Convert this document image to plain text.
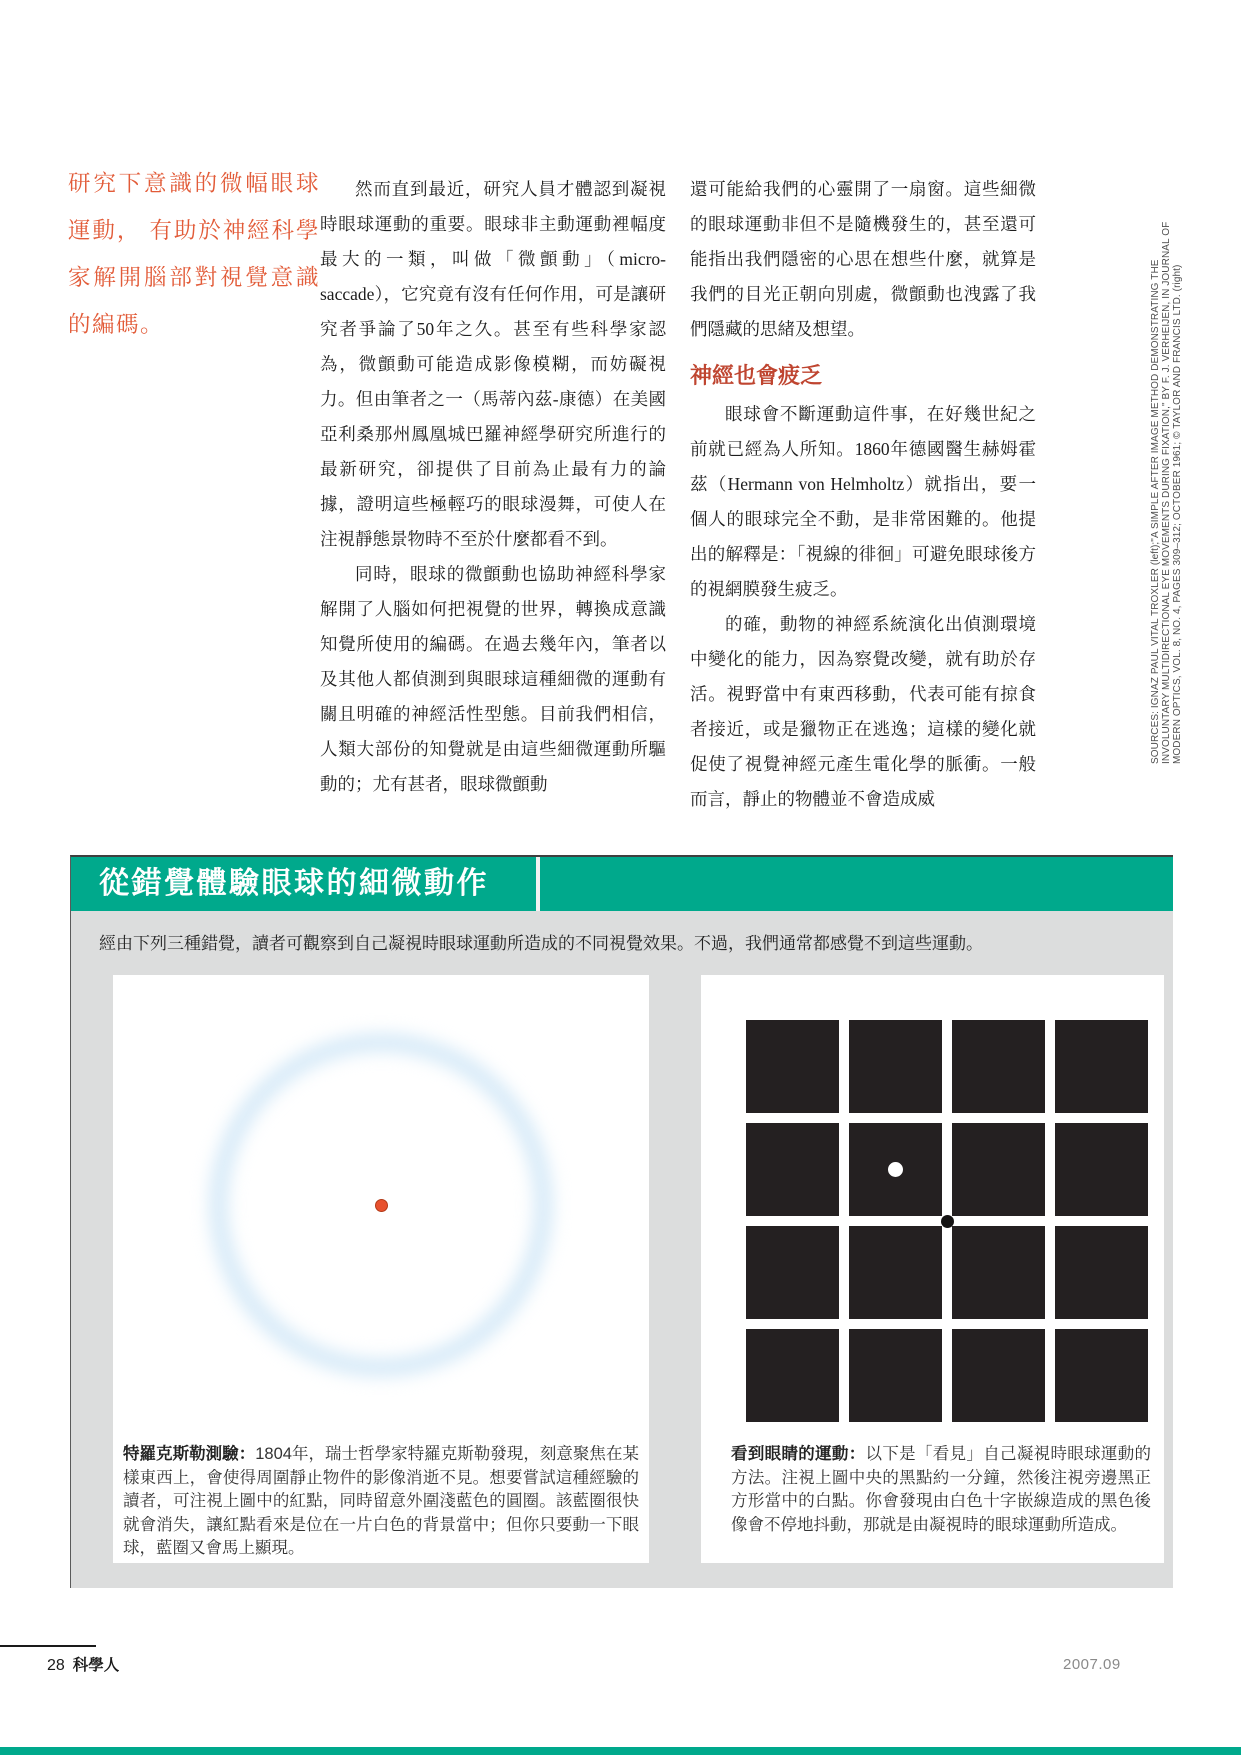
研究下意識的微幅眼球運動， 有助於神經科學家解開腦部對視覺意識的編碼。

然而直到最近，研究人員才體認到凝視時眼球運動的重要。眼球非主動運動裡幅度最大的一類，叫做「微顫動」（micro-saccade），它究竟有沒有任何作用，可是讓研究者爭論了50年之久。甚至有些科學家認為，微顫動可能造成影像模糊，而妨礙視力。但由筆者之一（馬蒂內茲-康德）在美國亞利桑那州鳳凰城巴羅神經學研究所進行的最新研究，卻提供了目前為止最有力的論據，證明這些極輕巧的眼球漫舞，可使人在注視靜態景物時不至於什麼都看不到。

同時，眼球的微顫動也協助神經科學家解開了人腦如何把視覺的世界，轉換成意識知覺所使用的編碼。在過去幾年內，筆者以及其他人都偵測到與眼球這種細微的運動有關且明確的神經活性型態。目前我們相信，人類大部份的知覺就是由這些細微運動所驅動的；尤有甚者，眼球微顫動

還可能給我們的心靈開了一扇窗。這些細微的眼球運動非但不是隨機發生的，甚至還可能指出我們隱密的心思在想些什麼，就算是我們的目光正朝向別處，微顫動也洩露了我們隱藏的思緒及想望。

神經也會疲乏

眼球會不斷運動這件事，在好幾世紀之前就已經為人所知。1860年德國醫生赫姆霍茲（Hermann von Helmholtz）就指出，要一個人的眼球完全不動，是非常困難的。他提出的解釋是：「視線的徘徊」可避免眼球後方的視網膜發生疲乏。

的確，動物的神經系統演化出偵測環境中變化的能力，因為察覺改變，就有助於存活。視野當中有東西移動，代表可能有掠食者接近，或是獵物正在逃逸；這樣的變化就促使了視覺神經元產生電化學的脈衝。一般而言，靜止的物體並不會造成威

SOURCES: IGNAZ PAUL VITAL TROXLER (left);"A SIMPLE AFTER IMAGE METHOD DEMONSTRATING THE INVOLUNTARY MULTIDIRECTIONAL EYE MOVEMENTS DURING FIXATION," BY F. J. VERHEIJEN, IN JOURNAL OF MODERN OPTICS, VOL. 8, NO. 4, PAGES 309–312; OCTOBER 1961; © TAYLOR AND FRANCIS LTD. (right)
從錯覺體驗眼球的細微動作
經由下列三種錯覺，讀者可觀察到自己凝視時眼球運動所造成的不同視覺效果。不過，我們通常都感覺不到這些運動。
特羅克斯勒測驗：1804年，瑞士哲學家特羅克斯勒發現，刻意聚焦在某樣東西上，會使得周圍靜止物件的影像消逝不見。想要嘗試這種經驗的讀者，可注視上圖中的紅點，同時留意外圍淺藍色的圓圈。該藍圈很快就會消失，讓紅點看來是位在一片白色的背景當中；但你只要動一下眼球，藍圈又會馬上顯現。
看到眼睛的運動：以下是「看見」自己凝視時眼球運動的方法。注視上圖中央的黑點約一分鐘，然後注視旁邊黑正方形當中的白點。你會發現由白色十字嵌線造成的黑色後像會不停地抖動，那就是由凝視時的眼球運動所造成。
28 科學人	2007.09
